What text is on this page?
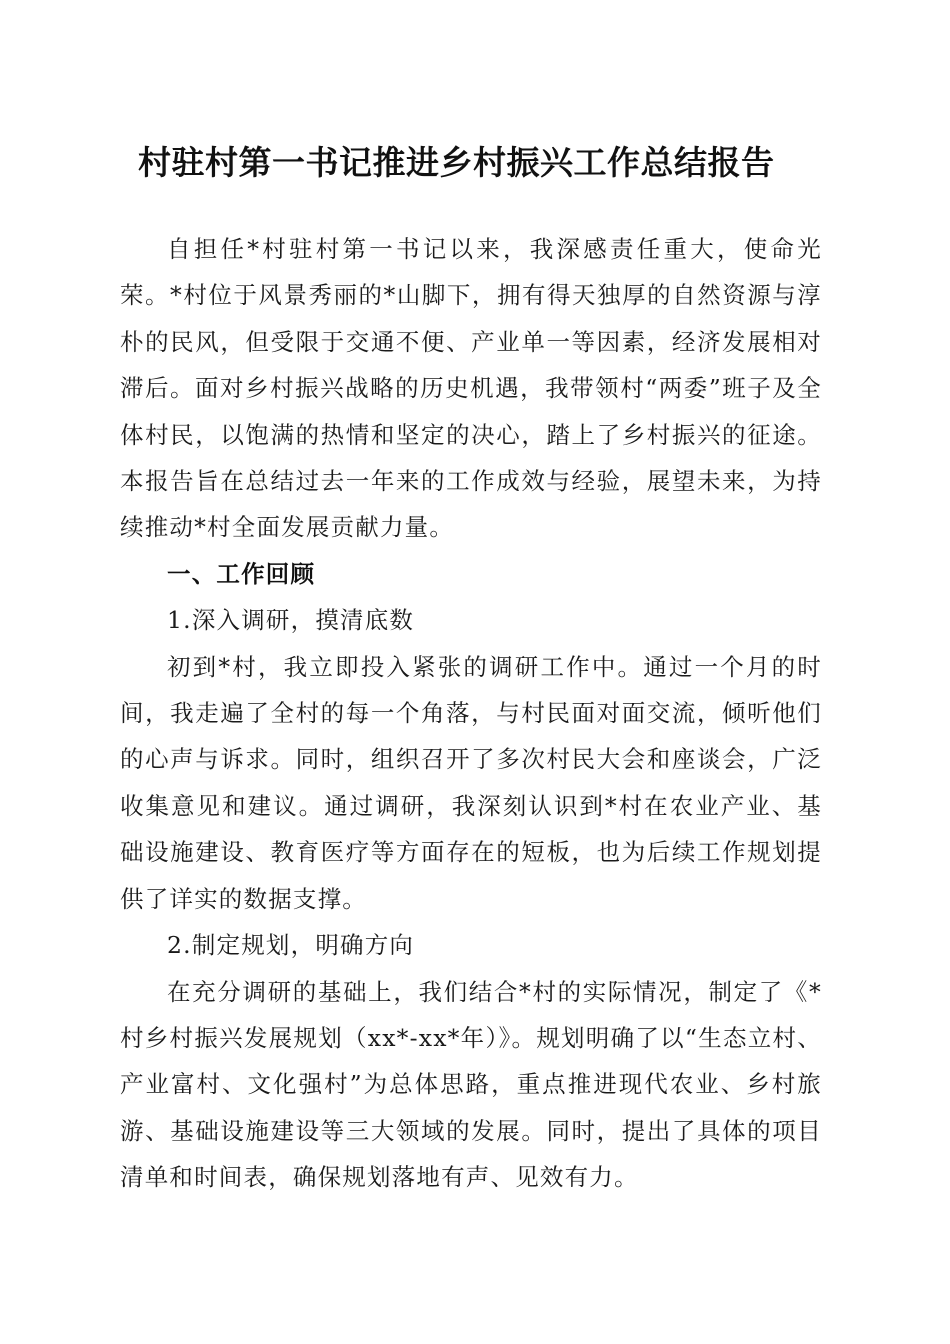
村驻村第一书记推进乡村振兴工作总结报告

自担任*村驻村第一书记以来，我深感责任重大，使命光荣。*村位于风景秀丽的*山脚下，拥有得天独厚的自然资源与淳朴的民风，但受限于交通不便、产业单一等因素，经济发展相对滞后。面对乡村振兴战略的历史机遇，我带领村“两委”班子及全体村民，以饱满的热情和坚定的决心，踏上了乡村振兴的征途。本报告旨在总结过去一年来的工作成效与经验，展望未来，为持续推动*村全面发展贡献力量。

一、工作回顾

1.深入调研，摸清底数

初到*村，我立即投入紧张的调研工作中。通过一个月的时间，我走遍了全村的每一个角落，与村民面对面交流，倾听他们的心声与诉求。同时，组织召开了多次村民大会和座谈会，广泛收集意见和建议。通过调研，我深刻认识到*村在农业产业、基础设施建设、教育医疗等方面存在的短板，也为后续工作规划提供了详实的数据支撑。

2.制定规划，明确方向

在充分调研的基础上，我们结合*村的实际情况，制定了《*村乡村振兴发展规划（xx*-xx*年）》。规划明确了以“生态立村、产业富村、文化强村”为总体思路，重点推进现代农业、乡村旅游、基础设施建设等三大领域的发展。同时，提出了具体的项目清单和时间表，确保规划落地有声、见效有力。
